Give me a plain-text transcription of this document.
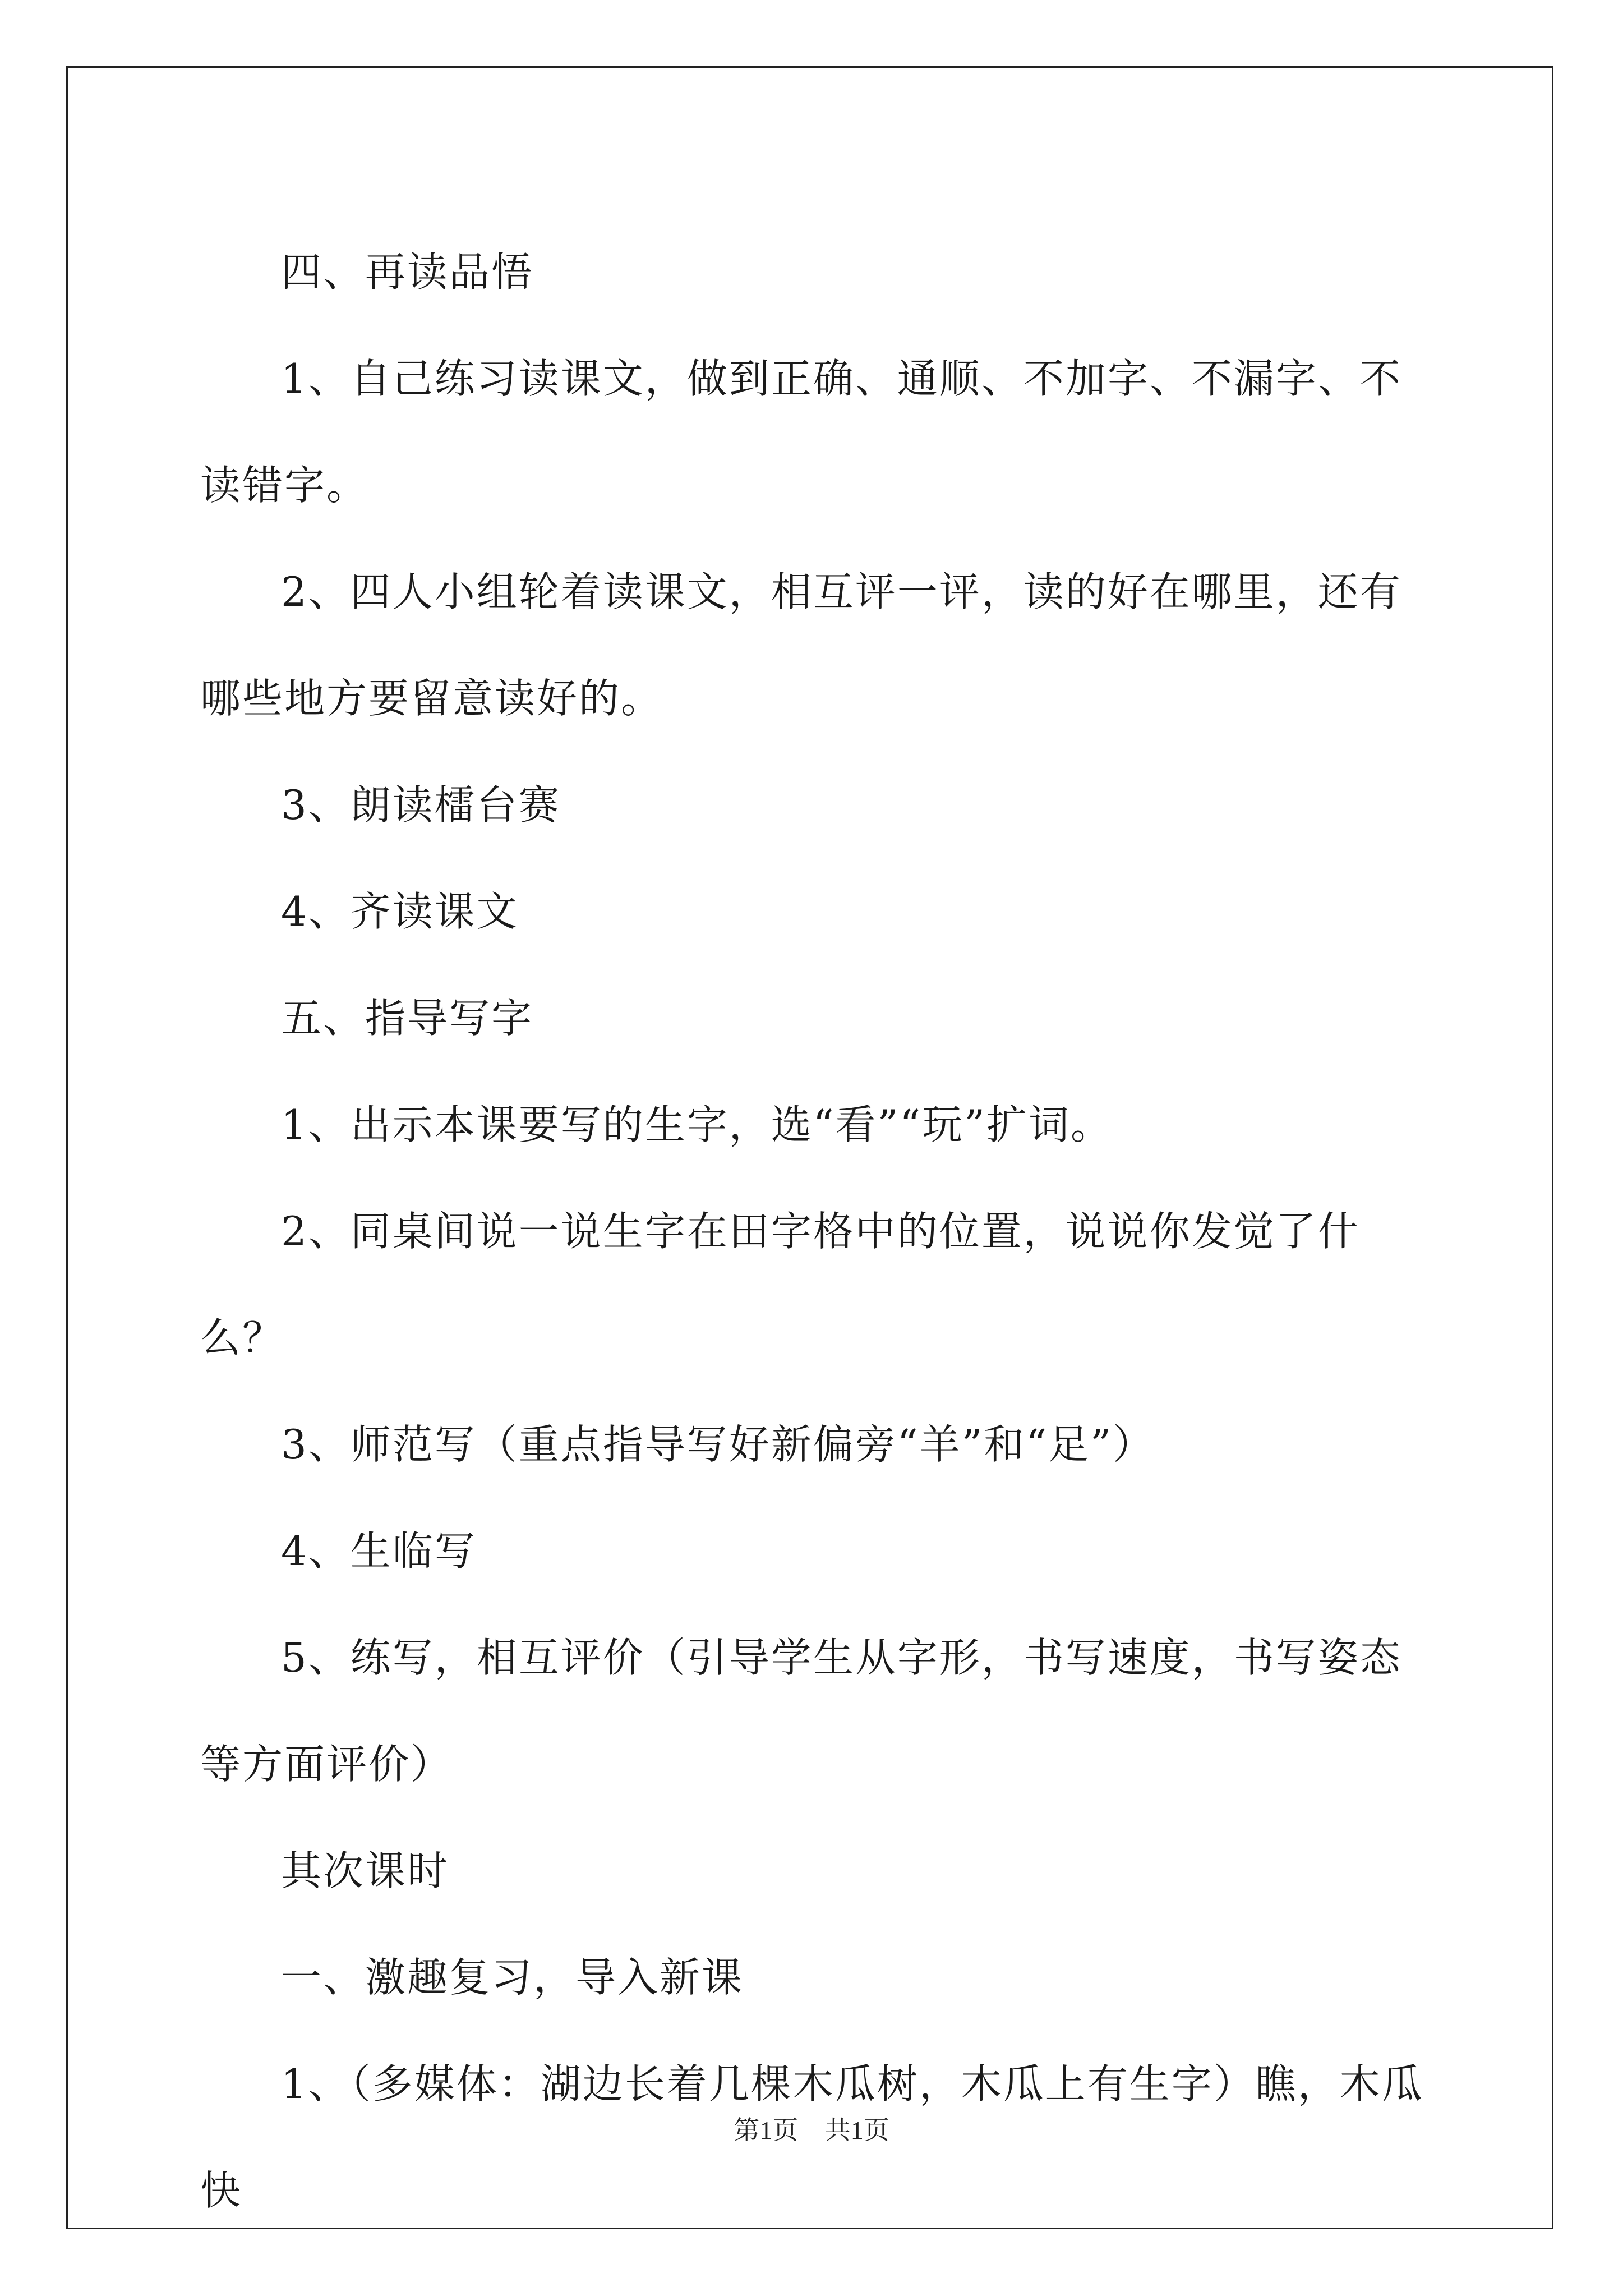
四、再读品悟

1、自己练习读课文，做到正确、通顺、不加字、不漏字、不读错字。

2、四人小组轮着读课文，相互评一评，读的好在哪里，还有哪些地方要留意读好的。

3、朗读檑台赛

4、齐读课文

五、指导写字

1、出示本课要写的生字，选“看”“玩”扩词。

2、同桌间说一说生字在田字格中的位置，说说你发觉了什么？

3、师范写（重点指导写好新偏旁“羊”和“足”）

4、生临写

5、练写，相互评价（引导学生从字形，书写速度，书写姿态等方面评价）

其次课时

一、激趣复习，导入新课

1、（多媒体：湖边长着几棵木瓜树，木瓜上有生字）瞧，木瓜快

第1页 共1页
